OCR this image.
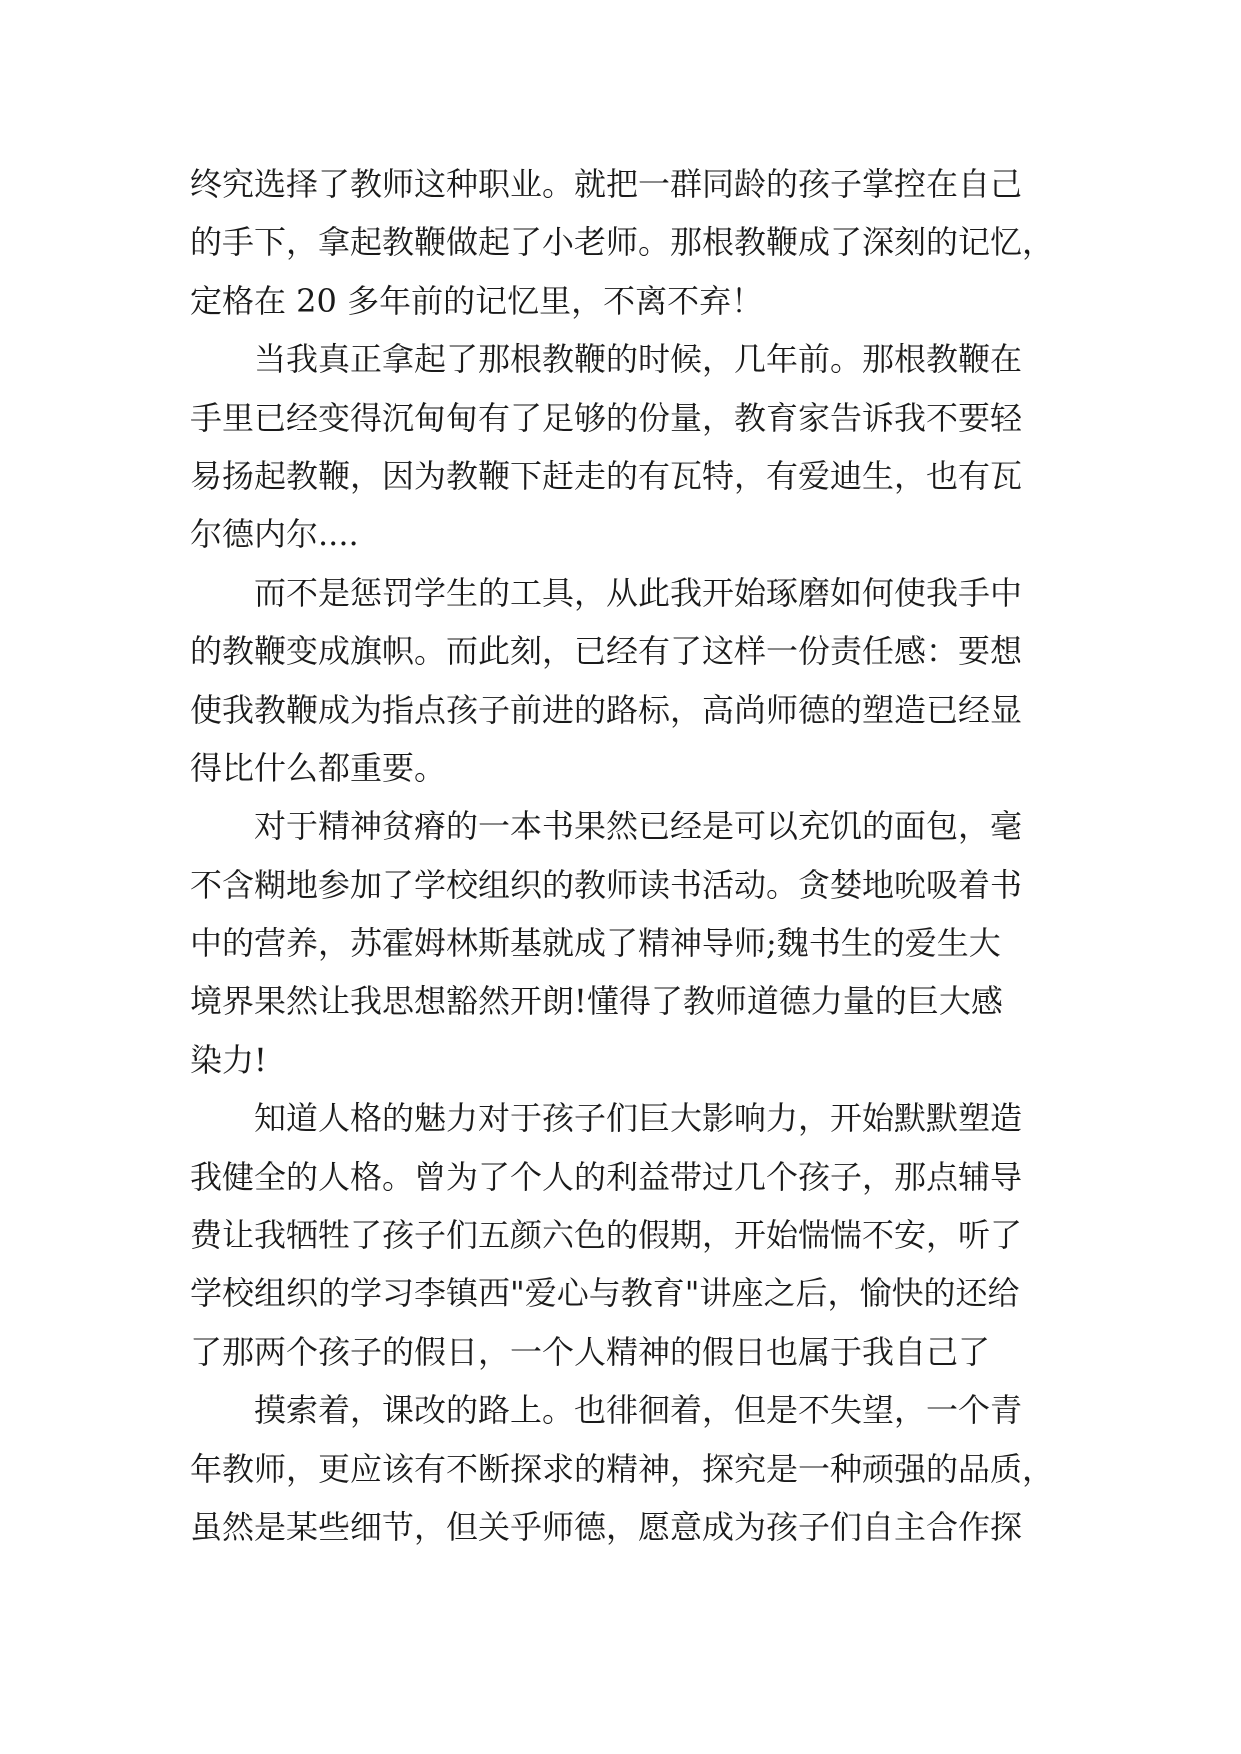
终究选择了教师这种职业。就把一群同龄的孩子掌控在自己
的手下，拿起教鞭做起了小老师。那根教鞭成了深刻的记忆，
定格在 20 多年前的记忆里，不离不弃！
当我真正拿起了那根教鞭的时候，几年前。那根教鞭在
手里已经变得沉甸甸有了足够的份量，教育家告诉我不要轻
易扬起教鞭，因为教鞭下赶走的有瓦特，有爱迪生，也有瓦
尔德内尔....
而不是惩罚学生的工具，从此我开始琢磨如何使我手中
的教鞭变成旗帜。而此刻，已经有了这样一份责任感：要想
使我教鞭成为指点孩子前进的路标，高尚师德的塑造已经显
得比什么都重要。
对于精神贫瘠的一本书果然已经是可以充饥的面包，毫
不含糊地参加了学校组织的教师读书活动。贪婪地吮吸着书
中的营养，苏霍姆林斯基就成了精神导师;魏书生的爱生大
境界果然让我思想豁然开朗!懂得了教师道德力量的巨大感
染力!
知道人格的魅力对于孩子们巨大影响力，开始默默塑造
我健全的人格。曾为了个人的利益带过几个孩子，那点辅导
费让我牺牲了孩子们五颜六色的假期，开始惴惴不安，听了
学校组织的学习李镇西"爱心与教育"讲座之后，愉快的还给
了那两个孩子的假日，一个人精神的假日也属于我自己了
摸索着，课改的路上。也徘徊着，但是不失望，一个青
年教师，更应该有不断探求的精神，探究是一种顽强的品质，
虽然是某些细节，但关乎师德，愿意成为孩子们自主合作探
